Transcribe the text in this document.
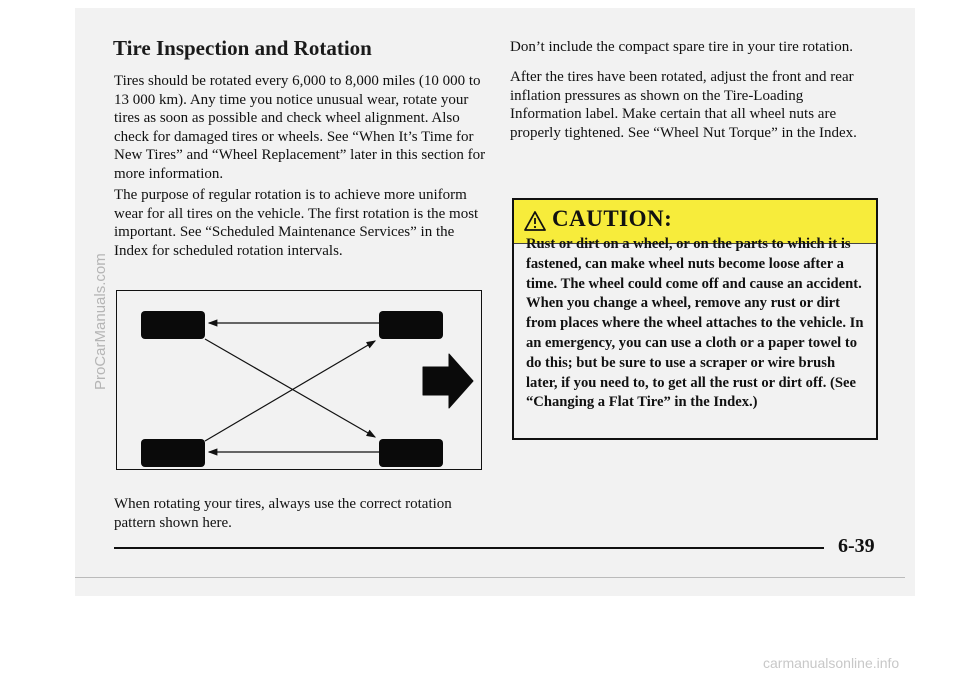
Tire Inspection and Rotation

Tires should be rotated every 6,000 to 8,000 miles (10 000 to 13 000 km). Any time you notice unusual wear, rotate your tires as soon as possible and check wheel alignment. Also check for damaged tires or wheels. See “When It’s Time for New Tires” and “Wheel Replacement” later in this section for more information.

The purpose of regular rotation is to achieve more uniform wear for all tires on the vehicle. The first rotation is the most important. See “Scheduled Maintenance Services” in the Index for scheduled rotation intervals.

When rotating your tires, always use the correct rotation pattern shown here.

Don’t include the compact spare tire in your tire rotation.

After the tires have been rotated, adjust the front and rear inflation pressures as shown on the Tire-Loading Information label. Make certain that all wheel nuts are properly tightened. See “Wheel Nut Torque” in the Index.

CAUTION:

Rust or dirt on a wheel, or on the parts to which it is fastened, can make wheel nuts become loose after a time. The wheel could come off and cause an accident. When you change a wheel, remove any rust or dirt from places where the wheel attaches to the vehicle. In an emergency, you can use a cloth or a paper towel to do this; but be sure to use a scraper or wire brush later, if you need to, to get all the rust or dirt off. (See “Changing a Flat Tire” in the Index.)

6-39
ProCarManuals.com
carmanualsonline.info
